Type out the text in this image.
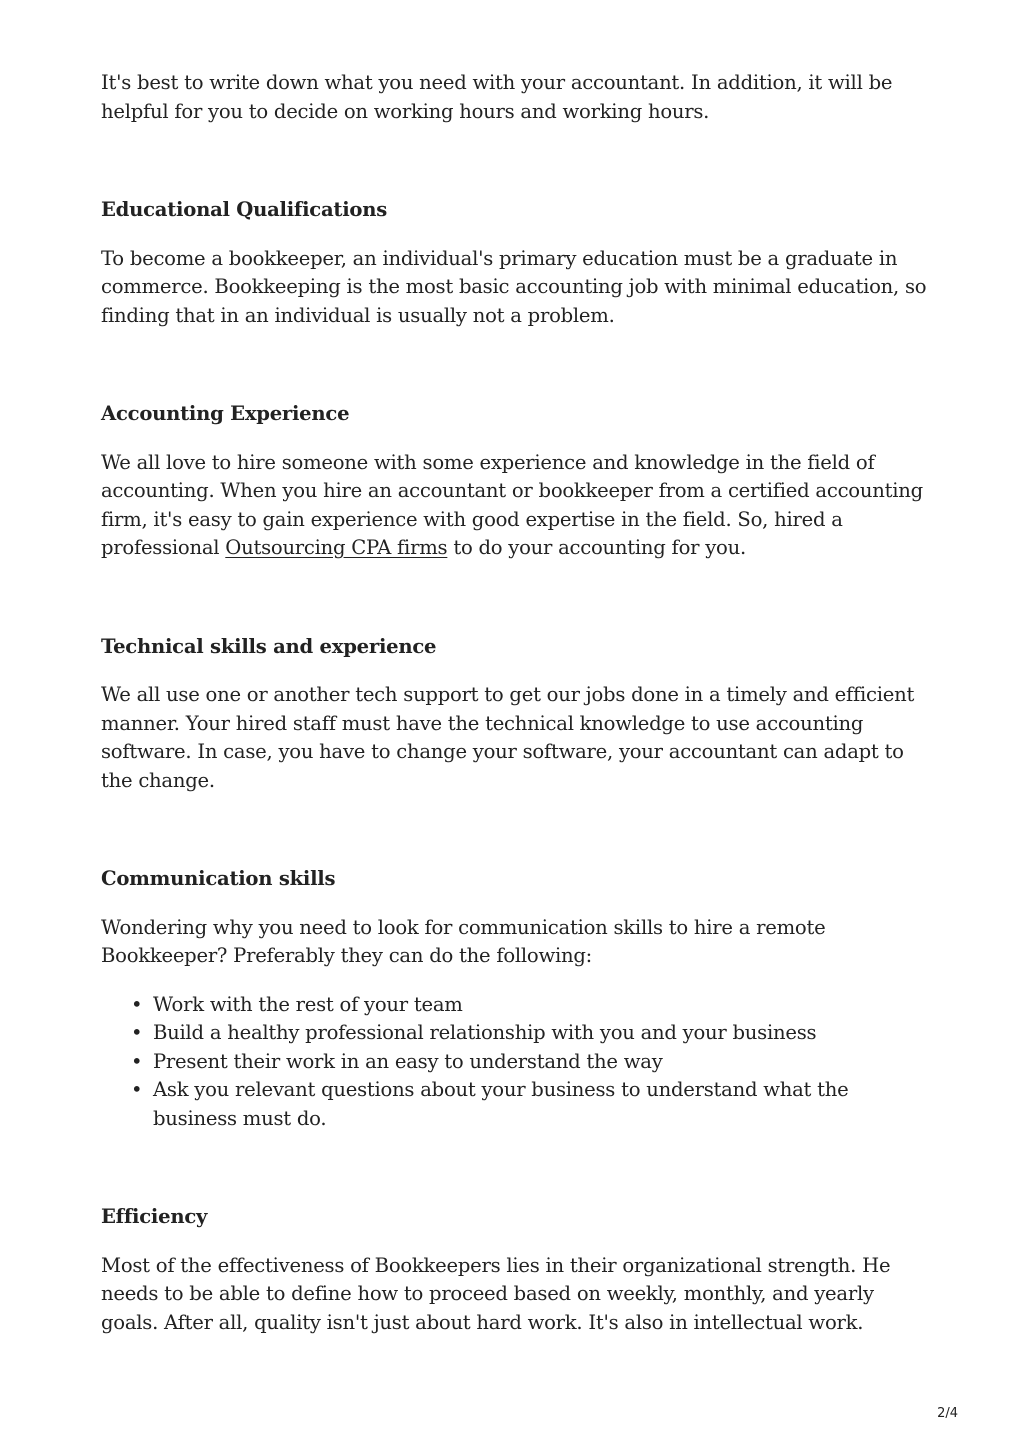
It's best to write down what you need with your accountant. In addition, it will be helpful for you to decide on working hours and working hours.

Educational Qualifications

To become a bookkeeper, an individual's primary education must be a graduate in commerce. Bookkeeping is the most basic accounting job with minimal education, so finding that in an individual is usually not a problem.

Accounting Experience

We all love to hire someone with some experience and knowledge in the field of accounting. When you hire an accountant or bookkeeper from a certified accounting firm, it's easy to gain experience with good expertise in the field. So, hired a professional Outsourcing CPA firms to do your accounting for you.

Technical skills and experience

We all use one or another tech support to get our jobs done in a timely and efficient manner. Your hired staff must have the technical knowledge to use accounting software. In case, you have to change your software, your accountant can adapt to the change.

Communication skills

Wondering why you need to look for communication skills to hire a remote Bookkeeper? Preferably they can do the following:

• Work with the rest of your team
• Build a healthy professional relationship with you and your business
• Present their work in an easy to understand the way
• Ask you relevant questions about your business to understand what the business must do.
Efficiency

Most of the effectiveness of Bookkeepers lies in their organizational strength. He needs to be able to define how to proceed based on weekly, monthly, and yearly goals. After all, quality isn't just about hard work. It's also in intellectual work.

2/4
